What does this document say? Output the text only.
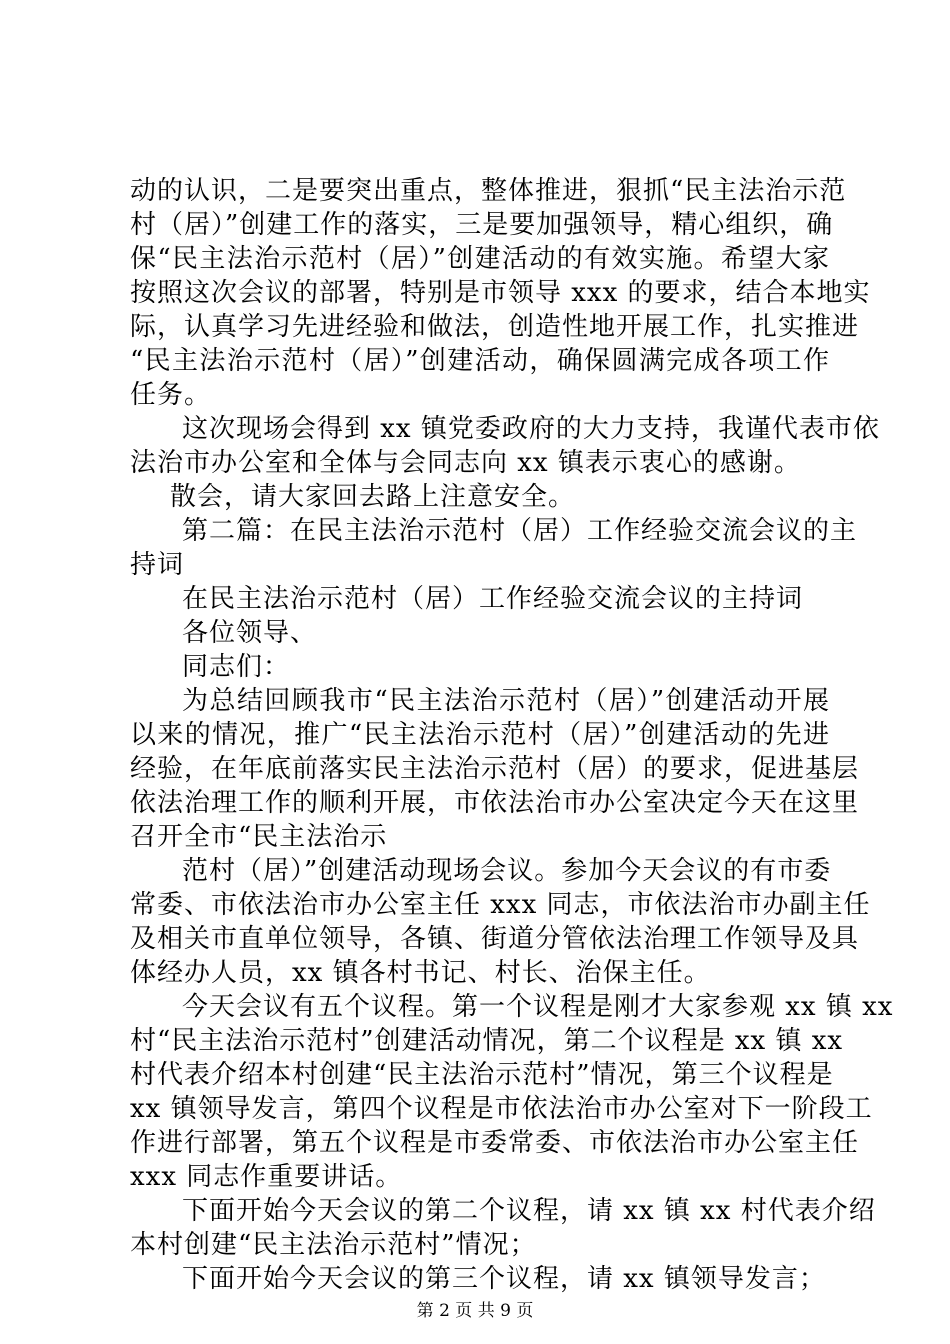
动的认识，二是要突出重点，整体推进，狠抓“民主法治示范
村（居）”创建工作的落实，三是要加强领导，精心组织，确
保“民主法治示范村（居）”创建活动的有效实施。希望大家
按照这次会议的部署，特别是市领导 xxx 的要求，结合本地实
际，认真学习先进经验和做法，创造性地开展工作，扎实推进
“民主法治示范村（居）”创建活动，确保圆满完成各项工作
任务。
这次现场会得到 xx 镇党委政府的大力支持，我谨代表市依
法治市办公室和全体与会同志向 xx 镇表示衷心的感谢。
散会，请大家回去路上注意安全。
第二篇：在民主法治示范村（居）工作经验交流会议的主
持词
在民主法治示范村（居）工作经验交流会议的主持词
各位领导、
同志们：
为总结回顾我市“民主法治示范村（居）”创建活动开展
以来的情况，推广“民主法治示范村（居）”创建活动的先进
经验，在年底前落实民主法治示范村（居）的要求，促进基层
依法治理工作的顺利开展，市依法治市办公室决定今天在这里
召开全市“民主法治示
范村（居）”创建活动现场会议。参加今天会议的有市委
常委、市依法治市办公室主任 xxx 同志，市依法治市办副主任
及相关市直单位领导，各镇、街道分管依法治理工作领导及具
体经办人员，xx 镇各村书记、村长、治保主任。
今天会议有五个议程。第一个议程是刚才大家参观 xx 镇 xx
村“民主法治示范村”创建活动情况，第二个议程是 xx 镇 xx
村代表介绍本村创建“民主法治示范村”情况，第三个议程是
xx 镇领导发言，第四个议程是市依法治市办公室对下一阶段工
作进行部署，第五个议程是市委常委、市依法治市办公室主任
xxx 同志作重要讲话。
下面开始今天会议的第二个议程，请 xx 镇 xx 村代表介绍
本村创建“民主法治示范村”情况；
下面开始今天会议的第三个议程，请 xx 镇领导发言；
第 2 页 共 9 页
